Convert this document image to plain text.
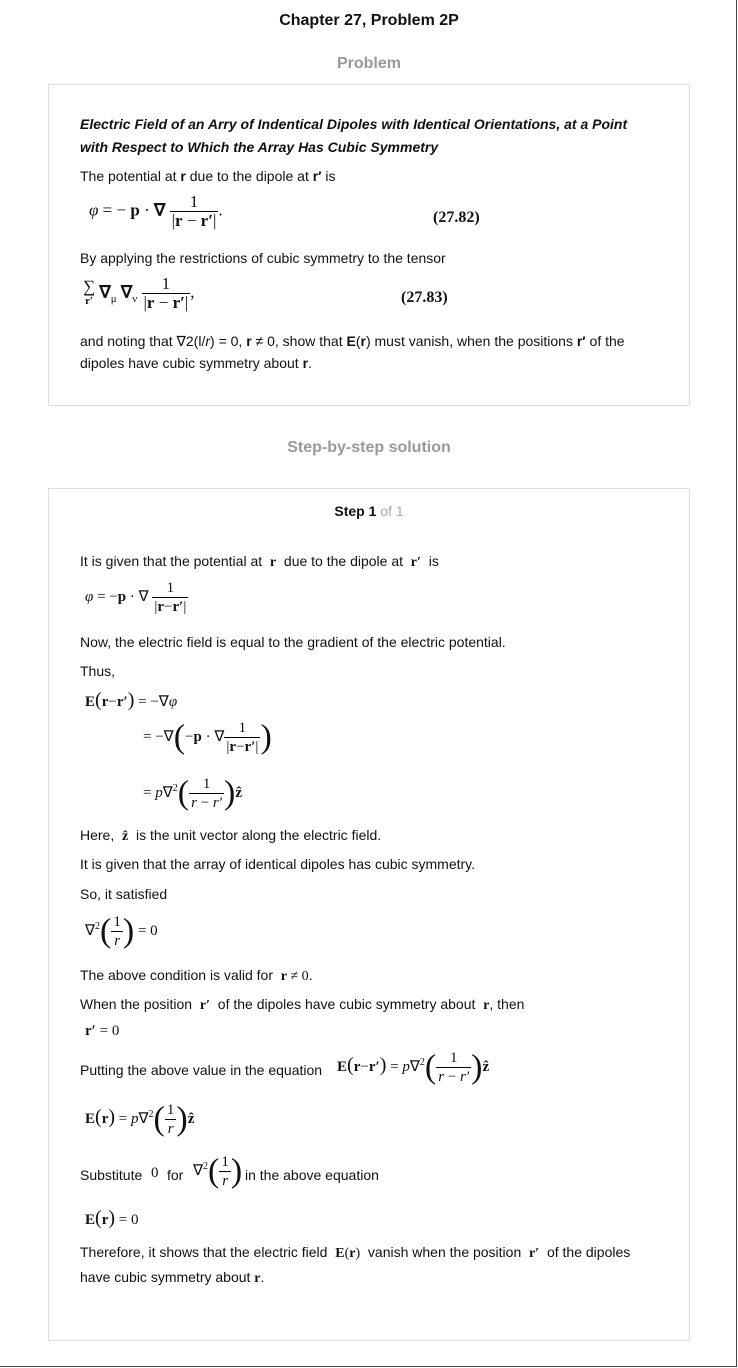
Chapter 27, Problem 2P
Problem
Electric Field of an Arry of Indentical Dipoles with Identical Orientations, at a Point
with Respect to Which the Array Has Cubic Symmetry
The potential at r due to the dipole at r′ is
φ = − p · ∇ $\frac{1}{|r - r'|}$ .	(27.82)
By applying the restrictions of cubic symmetry to the tensor
∑
r′ $\nabla_\mu$ $\nabla_\nu \frac{1}{|r - r'|}$ ,	(27.83)
and noting that ∇2(l/r) = 0, r ≠ 0, show that E(r) must vanish, when the positions r′ of the
dipoles have cubic symmetry about r.
Step-by-step solution
Step 1 of 1
It is given that the potential at  r  due to the dipole at  r′  is
φ = −p · ∇ $\frac{1}{|r-r'|}$
Now, the electric field is equal to the gradient of the electric potential.
Thus,
E(r−r′) = −∇φ
= −∇(−p · ∇ $\frac{1}{|r-r'|}$ )
= $p\nabla^2( \frac{1}{r - r'}$ )ẑ
Here,  ẑ  is the unit vector along the electric field.
It is given that the array of identical dipoles has cubic symmetry.
So, it satisfied
$\nabla^2( \frac{1}{r}$ ) = 0
The above condition is valid for  r ≠ 0.
When the position  r′  of the dipoles have cubic symmetry about  r, then
r′ = 0
Putting the above value in the equation $E(r-r') = p\nabla^2( \frac{1}{r - r'}$ )ẑ
$E(r) = p\nabla^2( \frac{1}{r}$ )ẑ
Substitute 0 for $\nabla^2( \frac{1}{r}$ ) in the above equation
E(r) = 0
Therefore, it shows that the electric field  E(r)  vanish when the position  r′  of the dipoles
have cubic symmetry about r.
